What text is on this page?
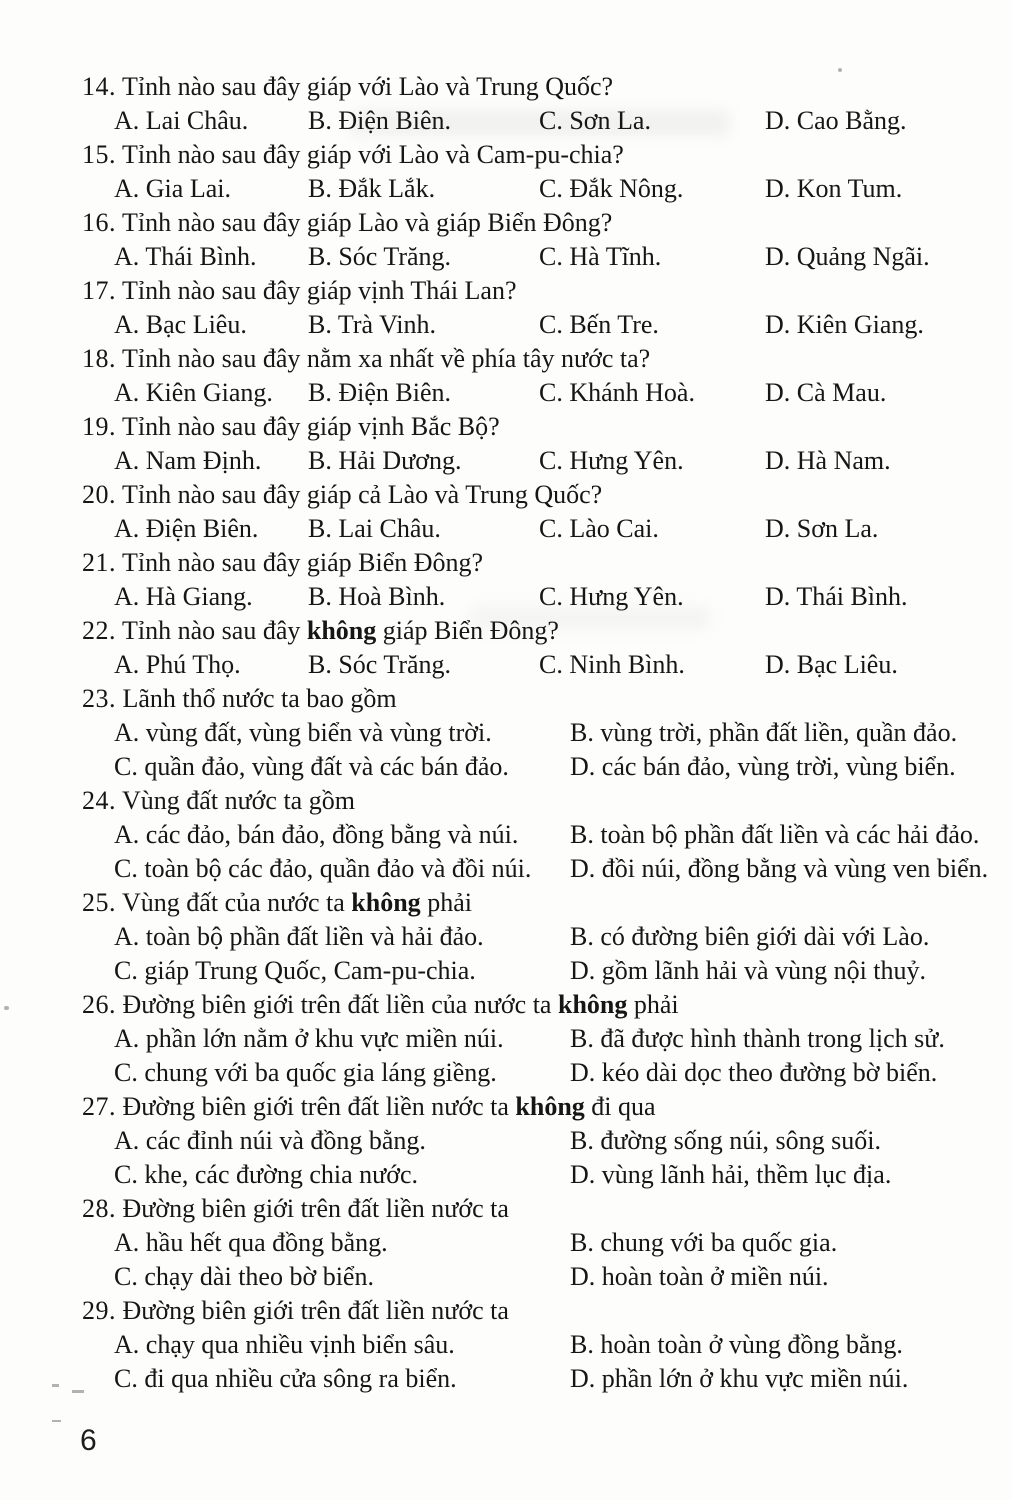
14. Tỉnh nào sau đây giáp với Lào và Trung Quốc?
A. Lai Châu. B. Điện Biên.	C. Sơn La.	D. Cao Bằng.
15. Tỉnh nào sau đây giáp với Lào và Cam-pu-chia?
A. Gia Lai.	B. Đắk Lắk.	C. Đắk Nông.	D. Kon Tum.
16. Tỉnh nào sau đây giáp Lào và giáp Biển Đông?
A. Thái Bình. B. Sóc Trăng.	C. Hà Tĩnh.	D. Quảng Ngãi.
17. Tỉnh nào sau đây giáp vịnh Thái Lan?
A. Bạc Liêu. B. Trà Vinh.	C. Bến Tre.	D. Kiên Giang.
18. Tỉnh nào sau đây nằm xa nhất về phía tây nước ta?
A. Kiên Giang. B. Điện Biên.	C. Khánh Hoà.	D. Cà Mau.
19. Tỉnh nào sau đây giáp vịnh Bắc Bộ?
A. Nam Định. B. Hải Dương.	C. Hưng Yên.	D. Hà Nam.
20. Tỉnh nào sau đây giáp cả Lào và Trung Quốc?
A. Điện Biên. B. Lai Châu.	C. Lào Cai.	D. Sơn La.
21. Tỉnh nào sau đây giáp Biển Đông?
A. Hà Giang. B. Hoà Bình.	C. Hưng Yên.	D. Thái Bình.
22. Tỉnh nào sau đây không giáp Biển Đông?
A. Phú Thọ.	B. Sóc Trăng.	C. Ninh Bình.	D. Bạc Liêu.
23. Lãnh thổ nước ta bao gồm
A. vùng đất, vùng biển và vùng trời.	B. vùng trời, phần đất liền, quần đảo.
C. quần đảo, vùng đất và các bán đảo. D. các bán đảo, vùng trời, vùng biển.
24. Vùng đất nước ta gồm
A. các đảo, bán đảo, đồng bằng và núi. B. toàn bộ phần đất liền và các hải đảo.
C. toàn bộ các đảo, quần đảo và đồi núi. D. đồi núi, đồng bằng và vùng ven biển.
25. Vùng đất của nước ta không phải
A. toàn bộ phần đất liền và hải đảo.	B. có đường biên giới dài với Lào.
C. giáp Trung Quốc, Cam-pu-chia.	D. gồm lãnh hải và vùng nội thuỷ.
26. Đường biên giới trên đất liền của nước ta không phải
A. phần lớn nằm ở khu vực miền núi.	B. đã được hình thành trong lịch sử.
C. chung với ba quốc gia láng giềng.	D. kéo dài dọc theo đường bờ biển.
27. Đường biên giới trên đất liền nước ta không đi qua
A. các đỉnh núi và đồng bằng.	B. đường sống núi, sông suối.
C. khe, các đường chia nước.	D. vùng lãnh hải, thềm lục địa.
28. Đường biên giới trên đất liền nước ta
A. hầu hết qua đồng bằng.	B. chung với ba quốc gia.
C. chạy dài theo bờ biển.	D. hoàn toàn ở miền núi.
29. Đường biên giới trên đất liền nước ta
A. chạy qua nhiều vịnh biển sâu.	B. hoàn toàn ở vùng đồng bằng.
C. đi qua nhiều cửa sông ra biển.	D. phần lớn ở khu vực miền núi.
6
